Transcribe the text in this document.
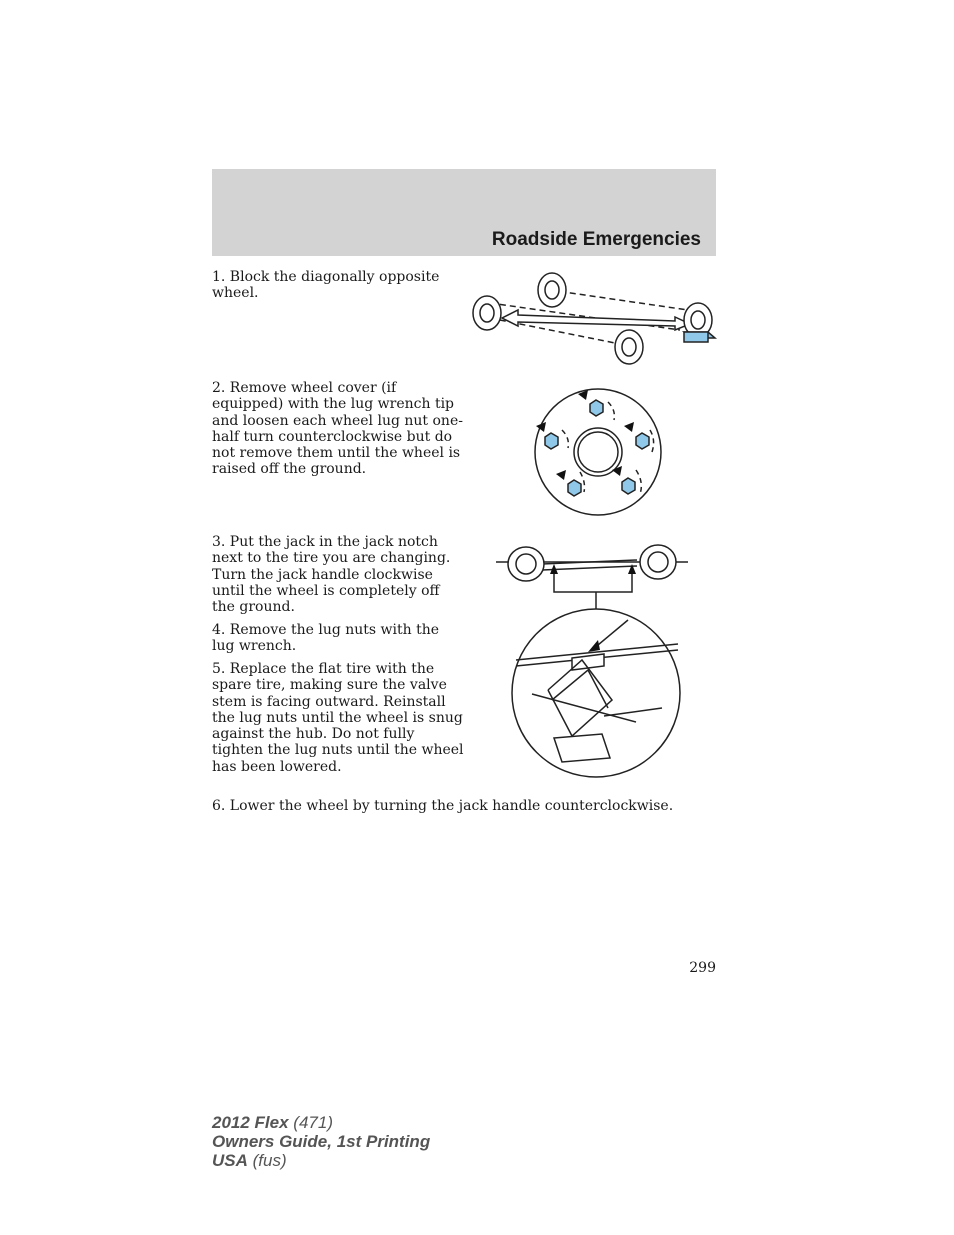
Roadside Emergencies

1. Block the diagonally opposite wheel.

2. Remove wheel cover (if equipped) with the lug wrench tip and loosen each wheel lug nut one-half turn counterclockwise but do not remove them until the wheel is raised off the ground.

3. Put the jack in the jack notch next to the tire you are changing. Turn the jack handle clockwise until the wheel is completely off the ground.

4. Remove the lug nuts with the lug wrench.

5. Replace the flat tire with the spare tire, making sure the valve stem is facing outward. Reinstall the lug nuts until the wheel is snug against the hub. Do not fully tighten the lug nuts until the wheel has been lowered.

6. Lower the wheel by turning the jack handle counterclockwise.

299

2012 Flex (471)
Owners Guide, 1st Printing
USA (fus)
